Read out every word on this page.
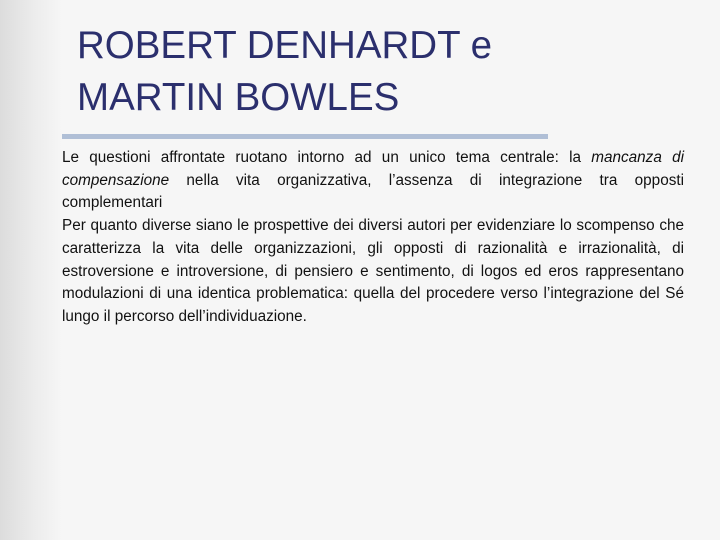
ROBERT DENHARDT e
MARTIN BOWLES

Le questioni affrontate ruotano intorno ad un unico tema centrale: la mancanza di compensazione nella vita organizzativa, l’assenza di integrazione tra opposti complementari

Per quanto diverse siano le prospettive dei diversi autori per evidenziare lo scompenso che caratterizza la vita delle organizzazioni, gli opposti di razionalità e irrazionalità, di estroversione e introversione, di pensiero e sentimento, di logos ed eros rappresentano modulazioni di una identica problematica: quella del procedere verso l’integrazione del Sé lungo il percorso dell’individuazione.
